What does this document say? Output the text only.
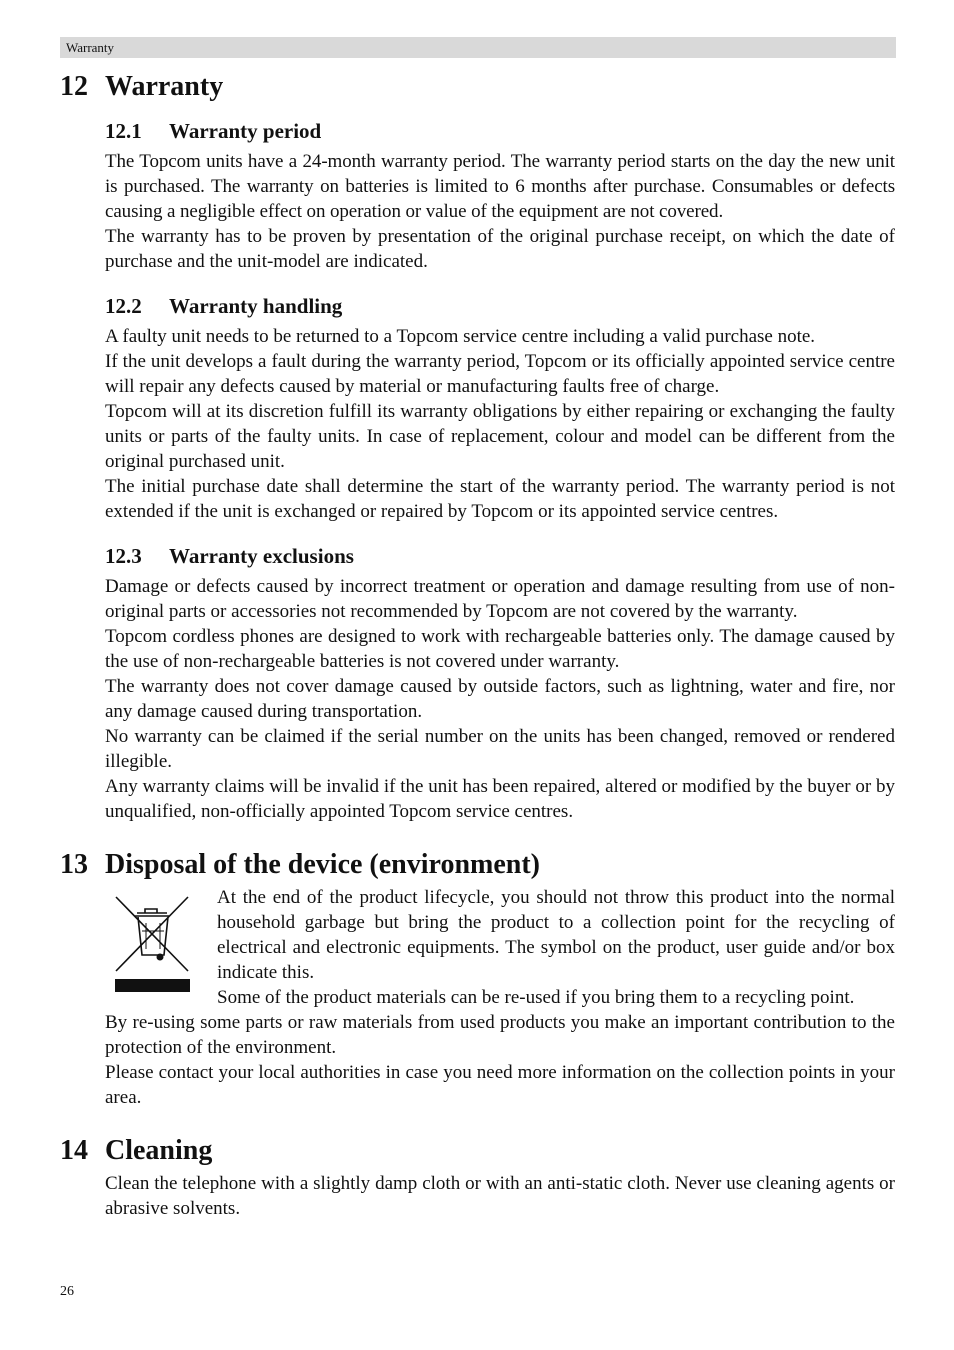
Warranty
12 Warranty
12.1 Warranty period

The Topcom units have a 24-month warranty period. The warranty period starts on the day the new unit is purchased. The warranty on batteries is limited to 6 months after purchase. Consumables or defects causing a negligible effect on operation or value of the equipment are not covered.

The warranty has to be proven by presentation of the original purchase receipt, on which the date of purchase and the unit-model are indicated.

12.2 Warranty handling

A faulty unit needs to be returned to a Topcom service centre including a valid purchase note.

If the unit develops a fault during the warranty period, Topcom or its officially appointed service centre will repair any defects caused by material or manufacturing faults free of charge.

Topcom will at its discretion fulfill its warranty obligations by either repairing or exchanging the faulty units or parts of the faulty units. In case of replacement, colour and model can be different from the original purchased unit.

The initial purchase date shall determine the start of the warranty period. The warranty period is not extended if the unit is exchanged or repaired by Topcom or its appointed service centres.

12.3 Warranty exclusions

Damage or defects caused by incorrect treatment or operation and damage resulting from use of non-original parts or accessories not recommended by Topcom are not covered by the warranty.

Topcom cordless phones are designed to work with rechargeable batteries only. The damage caused by the use of non-rechargeable batteries is not covered under warranty.

The warranty does not cover damage caused by outside factors, such as lightning, water and fire, nor any damage caused during transportation.

No warranty can be claimed if the serial number on the units has been changed, removed or rendered illegible.

Any warranty claims will be invalid if the unit has been repaired, altered or modified by the buyer or by unqualified, non-officially appointed Topcom service centres.

13 Disposal of the device (environment)

At the end of the product lifecycle, you should not throw this product into the normal household garbage but bring the product to a collection point for the recycling of electrical and electronic equipments. The symbol on the product, user guide and/or box indicate this.

Some of the product materials can be re-used if you bring them to a recycling point.

By re-using some parts or raw materials from used products you make an important contribution to the protection of the environment.

Please contact your local authorities in case you need more information on the collection points in your area.

14 Cleaning

Clean the telephone with a slightly damp cloth or with an anti-static cloth. Never use cleaning agents or abrasive solvents.

26
